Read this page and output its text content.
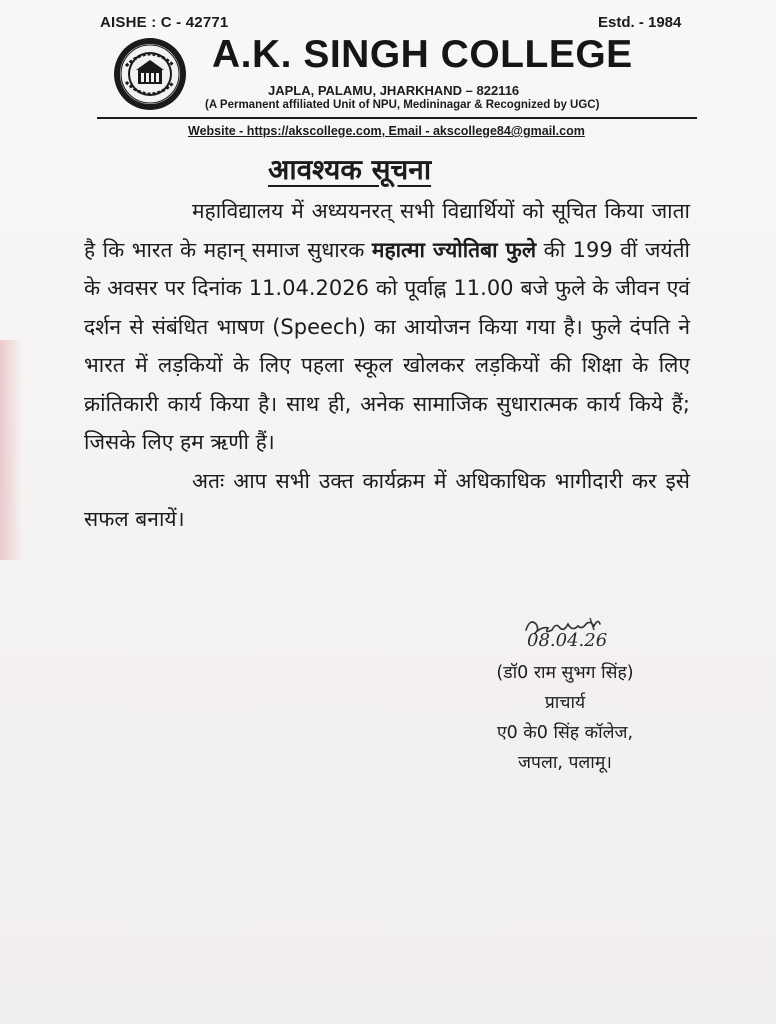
AISHE : C - 42771	Estd. - 1984
A.K. SINGH COLLEGE
JAPLA, PALAMU, JHARKHAND – 822116
(A Permanent affiliated Unit of NPU, Medininagar & Recognized by UGC)
Website - https://akscollege.com, Email - akscollege84@gmail.com
आवश्यक सूचना

महाविद्यालय में अध्ययनरत् सभी विद्यार्थियों को सूचित किया जाता है कि भारत के महान् समाज सुधारक महात्मा ज्योतिबा फुले की 199 वीं जयंती के अवसर पर दिनांक 11.04.2026 को पूर्वाह्न 11.00 बजे फुले के जीवन एवं दर्शन से संबंधित भाषण (Speech) का आयोजन किया गया है। फुले दंपति ने भारत में लड़कियों के लिए पहला स्कूल खोलकर लड़कियों की शिक्षा के लिए क्रांतिकारी कार्य किया है। साथ ही, अनेक सामाजिक सुधारात्मक कार्य किये हैं; जिसके लिए हम ऋणी हैं।

अतः आप सभी उक्त कार्यक्रम में अधिकाधिक भागीदारी कर इसे सफल बनायें।

08.04.26
(डॉ0 राम सुभग सिंह)
प्राचार्य
ए0 के0 सिंह कॉलेज,
जपला, पलामू।
